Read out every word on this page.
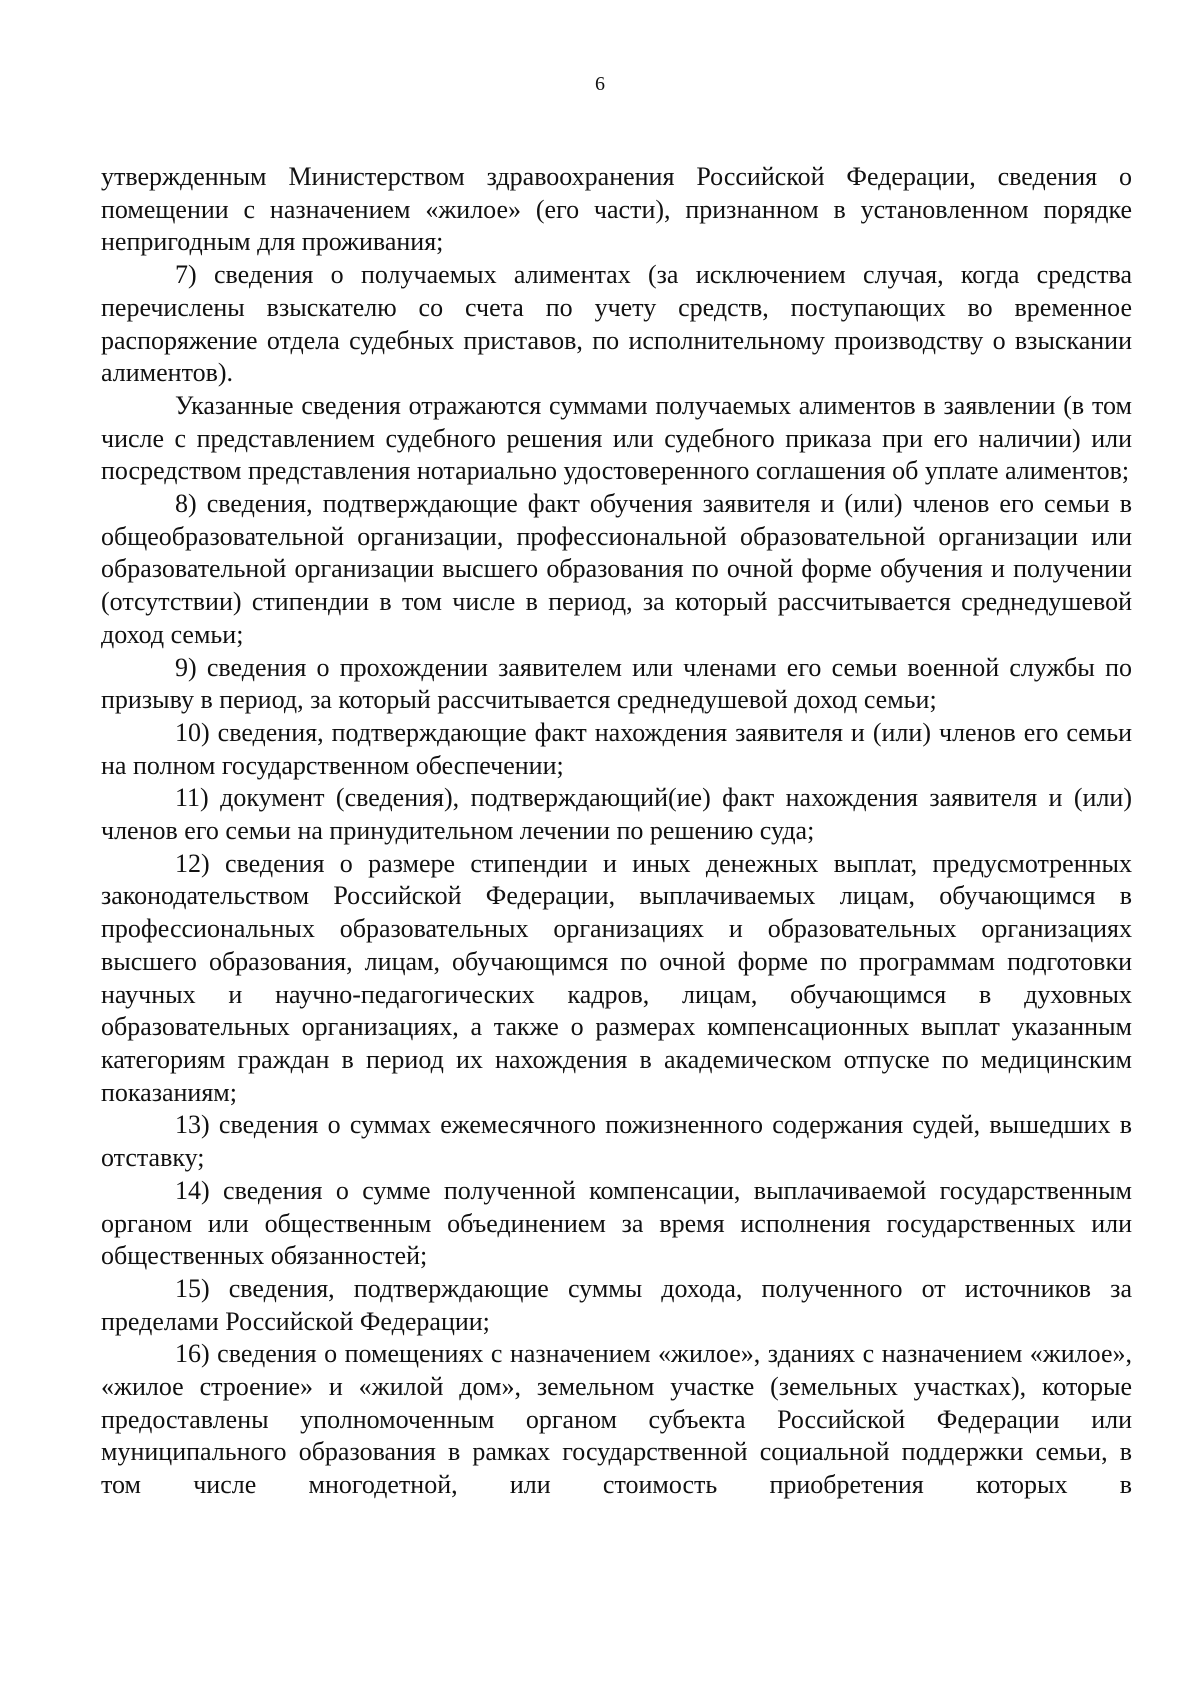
6

утвержденным Министерством здравоохранения Российской Федерации, сведения о помещении с назначением «жилое» (его части), признанном в установленном порядке непригодным для проживания;

7) сведения о получаемых алиментах (за исключением случая, когда средства перечислены взыскателю со счета по учету средств, поступающих во временное распоряжение отдела судебных приставов, по исполнительному производству о взыскании алиментов).

Указанные сведения отражаются суммами получаемых алиментов в заявлении (в том числе с представлением судебного решения или судебного приказа при его наличии) или посредством представления нотариально удостоверенного соглашения об уплате алиментов;

8) сведения, подтверждающие факт обучения заявителя и (или) членов его семьи в общеобразовательной организации, профессиональной образовательной организации или образовательной организации высшего образования по очной форме обучения и получении (отсутствии) стипендии в том числе в период, за который рассчитывается среднедушевой доход семьи;

9) сведения о прохождении заявителем или членами его семьи военной службы по призыву в период, за который рассчитывается среднедушевой доход семьи;

10) сведения, подтверждающие факт нахождения заявителя и (или) членов его семьи на полном государственном обеспечении;

11) документ (сведения), подтверждающий(ие) факт нахождения заявителя и (или) членов его семьи на принудительном лечении по решению суда;

12) сведения о размере стипендии и иных денежных выплат, предусмотренных законодательством Российской Федерации, выплачиваемых лицам, обучающимся в профессиональных образовательных организациях и образовательных организациях высшего образования, лицам, обучающимся по очной форме по программам подготовки научных и научно-педагогических кадров, лицам, обучающимся в духовных образовательных организациях, а также о размерах компенсационных выплат указанным категориям граждан в период их нахождения в академическом отпуске по медицинским показаниям;

13) сведения о суммах ежемесячного пожизненного содержания судей, вышедших в отставку;

14) сведения о сумме полученной компенсации, выплачиваемой государственным органом или общественным объединением за время исполнения государственных или общественных обязанностей;

15) сведения, подтверждающие суммы дохода, полученного от источников за пределами Российской Федерации;

16) сведения о помещениях с назначением «жилое», зданиях с назначением «жилое», «жилое строение» и «жилой дом», земельном участке (земельных участках), которые предоставлены уполномоченным органом субъекта Российской Федерации или муниципального образования в рамках государственной социальной поддержки семьи, в том числе многодетной, или стоимость приобретения которых в
